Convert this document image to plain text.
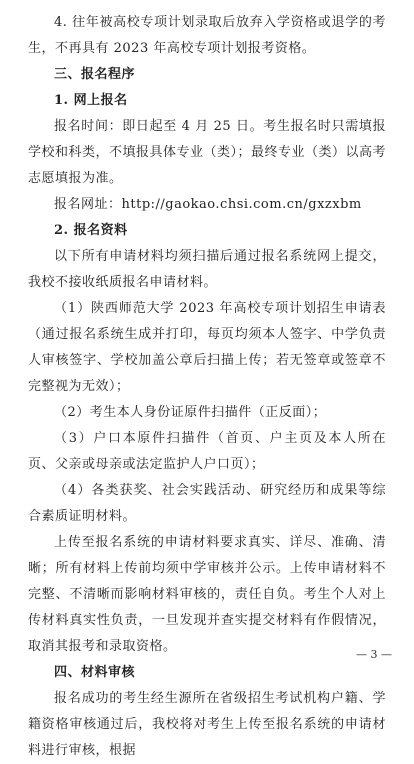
4. 往年被高校专项计划录取后放弃入学资格或退学的考生，不再具有 2023 年高校专项计划报考资格。

三、报名程序

1. 网上报名

报名时间：即日起至 4 月 25 日。考生报名时只需填报学校和科类，不填报具体专业（类）；最终专业（类）以高考志愿填报为准。

报名网址：http://gaokao.chsi.com.cn/gxzxbm

2. 报名资料

以下所有申请材料均须扫描后通过报名系统网上提交，我校不接收纸质报名申请材料。

（1）陕西师范大学 2023 年高校专项计划招生申请表（通过报名系统生成并打印，每页均须本人签字、中学负责人审核签字、学校加盖公章后扫描上传；若无签章或签章不完整视为无效）；

（2）考生本人身份证原件扫描件（正反面）；

（3）户口本原件扫描件（首页、户主页及本人所在页、父亲或母亲或法定监护人户口页）；

（4）各类获奖、社会实践活动、研究经历和成果等综合素质证明材料。

上传至报名系统的申请材料要求真实、详尽、准确、清晰；所有材料上传前均须中学审核并公示。上传申请材料不完整、不清晰而影响材料审核的，责任自负。考生个人对上传材料真实性负责，一旦发现并查实提交材料有作假情况，取消其报考和录取资格。

四、材料审核

报名成功的考生经生源所在省级招生考试机构户籍、学籍资格审核通过后，我校将对考生上传至报名系统的申请材料进行审核，根据

— 3 —
